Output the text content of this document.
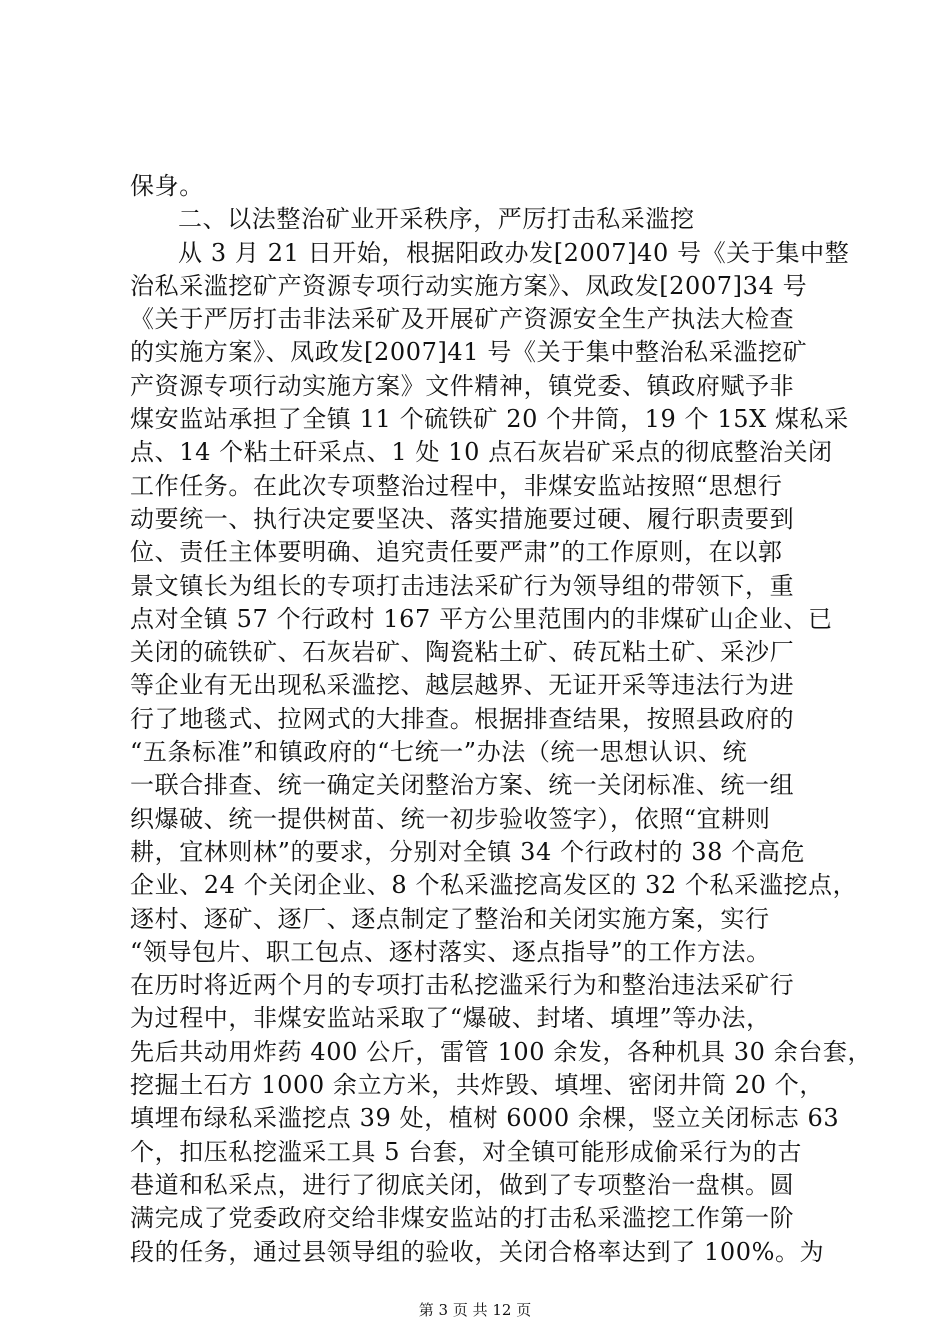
保身。
二、以法整治矿业开采秩序，严厉打击私采滥挖
从 3 月 21 日开始，根据阳政办发[2007]40 号《关于集中整
治私采滥挖矿产资源专项行动实施方案》、凤政发[2007]34 号
《关于严厉打击非法采矿及开展矿产资源安全生产执法大检查
的实施方案》、凤政发[2007]41 号《关于集中整治私采滥挖矿
产资源专项行动实施方案》文件精神，镇党委、镇政府赋予非
煤安监站承担了全镇 11 个硫铁矿 20 个井筒，19 个 15X 煤私采
点、14 个粘土矸采点、1 处 10 点石灰岩矿采点的彻底整治关闭
工作任务。在此次专项整治过程中，非煤安监站按照“思想行
动要统一、执行决定要坚决、落实措施要过硬、履行职责要到
位、责任主体要明确、追究责任要严肃”的工作原则，在以郭
景文镇长为组长的专项打击违法采矿行为领导组的带领下，重
点对全镇 57 个行政村 167 平方公里范围内的非煤矿山企业、已
关闭的硫铁矿、石灰岩矿、陶瓷粘土矿、砖瓦粘土矿、采沙厂
等企业有无出现私采滥挖、越层越界、无证开采等违法行为进
行了地毯式、拉网式的大排查。根据排查结果，按照县政府的
“五条标准”和镇政府的“七统一”办法（统一思想认识、统
一联合排查、统一确定关闭整治方案、统一关闭标准、统一组
织爆破、统一提供树苗、统一初步验收签字），依照“宜耕则
耕，宜林则林”的要求，分别对全镇 34 个行政村的 38 个高危
企业、24 个关闭企业、8 个私采滥挖高发区的 32 个私采滥挖点，
逐村、逐矿、逐厂、逐点制定了整治和关闭实施方案，实行
“领导包片、职工包点、逐村落实、逐点指导”的工作方法。
在历时将近两个月的专项打击私挖滥采行为和整治违法采矿行
为过程中，非煤安监站采取了“爆破、封堵、填埋”等办法，
先后共动用炸药 400 公斤，雷管 100 余发，各种机具 30 余台套，
挖掘土石方 1000 余立方米，共炸毁、填埋、密闭井筒 20 个，
填埋布绿私采滥挖点 39 处，植树 6000 余棵，竖立关闭标志 63
个，扣压私挖滥采工具 5 台套，对全镇可能形成偷采行为的古
巷道和私采点，进行了彻底关闭，做到了专项整治一盘棋。圆
满完成了党委政府交给非煤安监站的打击私采滥挖工作第一阶
段的任务，通过县领导组的验收，关闭合格率达到了 100%。为
第 3 页 共 12 页
